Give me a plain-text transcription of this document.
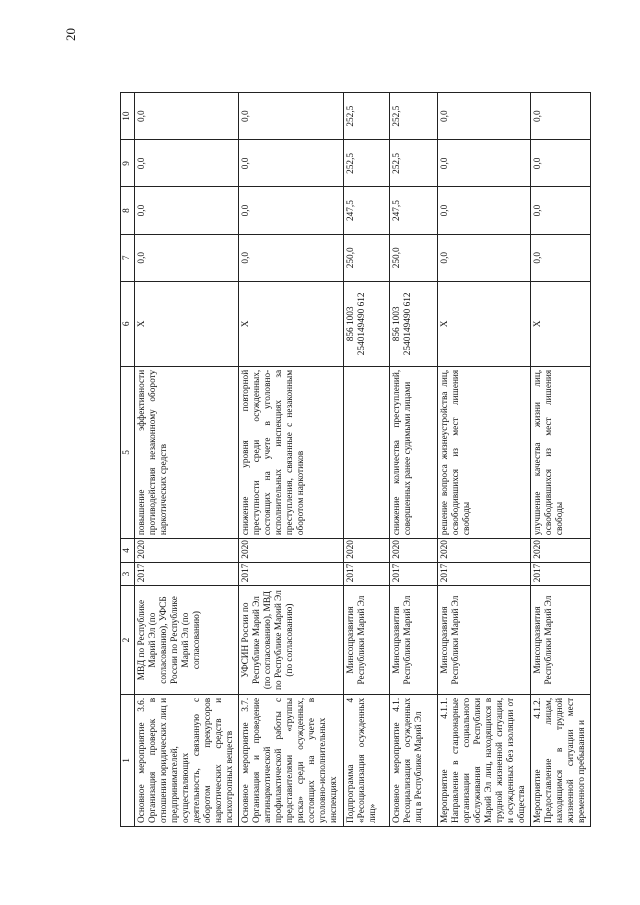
20
1	2	3	4	5	6	7	8	9	10
Основное мероприятие 3.6. Организация проверок в отношении юридических лиц и предпринимателей, осуществляющих деятельность, связанную с оборотом прекурсоров наркотических средств и психотропных веществ	МВД по Республике Марий Эл (по согласованию), УФСБ России по Республике Марий Эл (по согласованию)	2017	2020	повышение эффективности противодействия незаконному обороту наркотических средств	X	0,0	0,0	0,0	0,0
Основное мероприятие 3.7. Организация и проведение антинаркотической профилактической работы с представителями «группы риска» среди осужденных, состоящих на учете в уголовно-исполнительных инспекциях	УФСИН России по Республике Марий Эл (по согласованию), МВД по Республике Марий Эл (по согласованию)	2017	2020	снижение уровня повторной преступности среди осужденных, состоящих на учете в уголовно-исполнительных инспекциях за преступления, связанные с незаконным оборотом наркотиков	X	0,0	0,0	0,0	0,0
Подпрограмма 4 «Ресоциализация осужденных лиц»	Минсоцразвития Республики Марий Эл	2017	2020		856 1003 2540149490 612	250,0	247,5	252,5	252,5
Основное мероприятие 4.1. Ресоциализация осужденных лиц в Республике Марий Эл	Минсоцразвития Республики Марий Эл	2017	2020	снижение количества преступлений, совершенных ранее судимыми лицами	856 1003 2540149490 612	250,0	247,5	252,5	252,5
Мероприятие 4.1.1. Направление в стационарные организации социального обслуживания Республики Марий Эл лиц, находящихся в трудной жизненной ситуации, и осужденных без изоляции от общества	Минсоцразвития Республики Марий Эл	2017	2020	решение вопроса жизнеустройства лиц, освободившихся из мест лишения свободы	X	0,0	0,0	0,0	0,0
Мероприятие 4.1.2. Предоставление лицам, находящимся в трудной жизненной ситуации мест временного пребывания и	Минсоцразвития Республики Марий Эл	2017	2020	улучшение качества жизни лиц, освободившихся из мест лишения свободы	X	0,0	0,0	0,0	0,0
